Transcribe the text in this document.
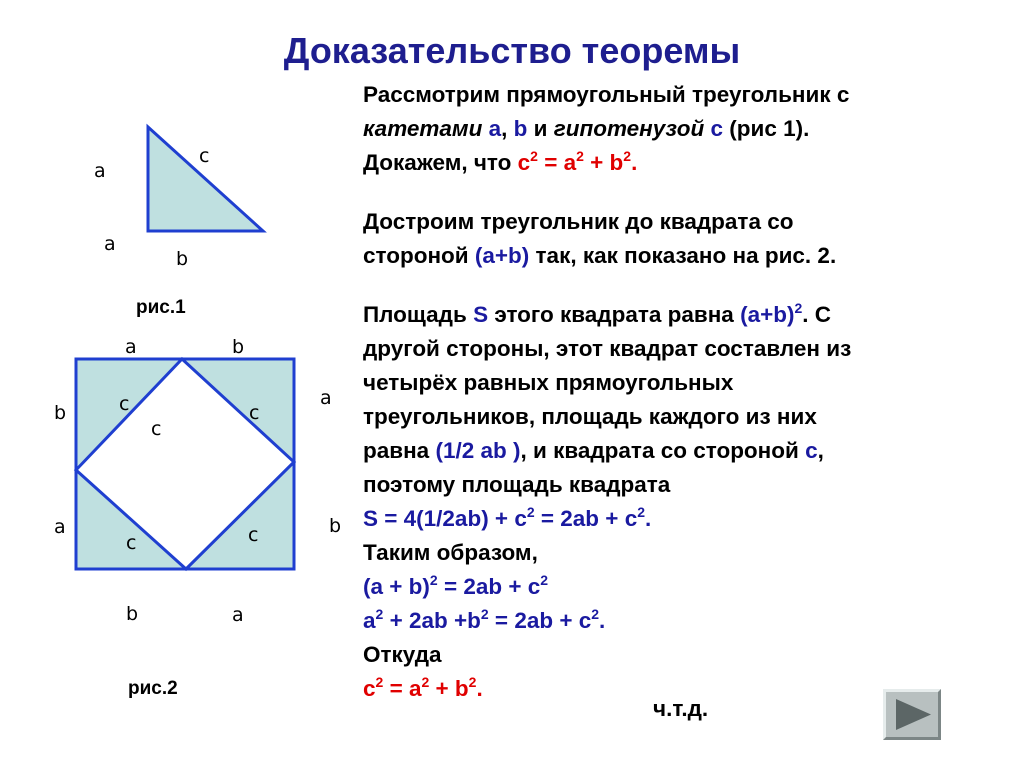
Доказательство теоремы
a
a
b
c
рис.1
a	b
b
a
a
b
b	a
c
c
c
c	c
рис.2
Рассмотрим прямоугольный треугольник с
катетами a, b и гипотенузой c (рис 1).
Докажем, что $c^2 = a^2 + b^2$.
Достроим треугольник до квадрата со
стороной (a+b) так, как показано на рис. 2.
Площадь S этого квадрата равна $(a+b)^2$. С
другой стороны, этот квадрат составлен из
четырёх равных прямоугольных
треугольников, площадь каждого из них
равна (1/2 ab ), и квадрата со стороной c,
поэтому площадь квадрата
$S = 4(1/2ab) + c^2 = 2ab + c^2$.
Таким образом,
$(a + b)^2 = 2ab + c^2$
$a^2 + 2ab +b^2 = 2ab + c^2$.
Откуда
$c^2 = a^2 + b^2$.
ч.т.д.
